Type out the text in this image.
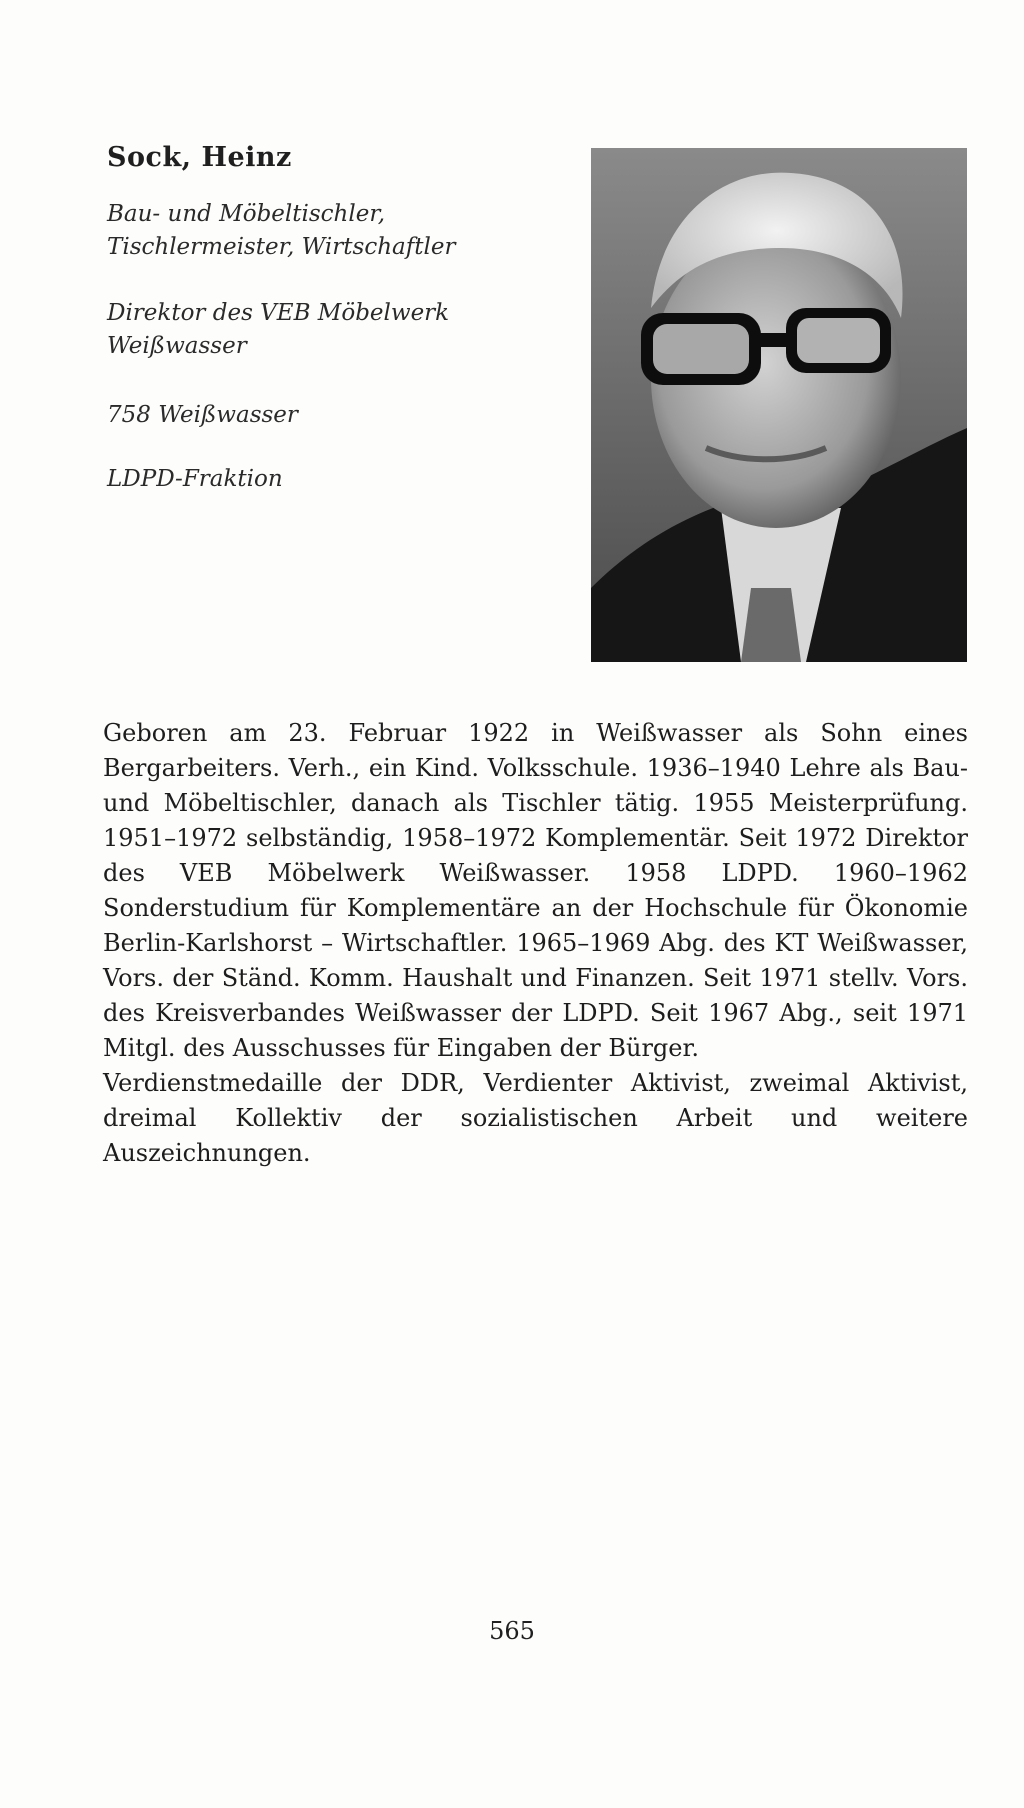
Sock, Heinz
Bau- und Möbeltischler,
Tischlermeister, Wirtschaftler
Direktor des VEB Möbelwerk
Weißwasser
758 Weißwasser
LDPD-Fraktion

Geboren am 23. Februar 1922 in Weißwasser als Sohn eines Bergarbeiters. Verh., ein Kind. Volksschule. 1936–1940 Lehre als Bau- und Möbeltischler, danach als Tischler tätig. 1955 Meisterprüfung. 1951–1972 selbständig, 1958–1972 Komplementär. Seit 1972 Direktor des VEB Möbelwerk Weißwasser. 1958 LDPD. 1960–1962 Sonderstudium für Komplementäre an der Hochschule für Ökonomie Berlin-Karlshorst – Wirtschaftler. 1965–1969 Abg. des KT Weißwasser, Vors. der Ständ. Komm. Haushalt und Finanzen. Seit 1971 stellv. Vors. des Kreisverbandes Weißwasser der LDPD. Seit 1967 Abg., seit 1971 Mitgl. des Ausschusses für Eingaben der Bürger.

Verdienstmedaille der DDR, Verdienter Aktivist, zweimal Aktivist, dreimal Kollektiv der sozialistischen Arbeit und weitere Auszeichnungen.

565
